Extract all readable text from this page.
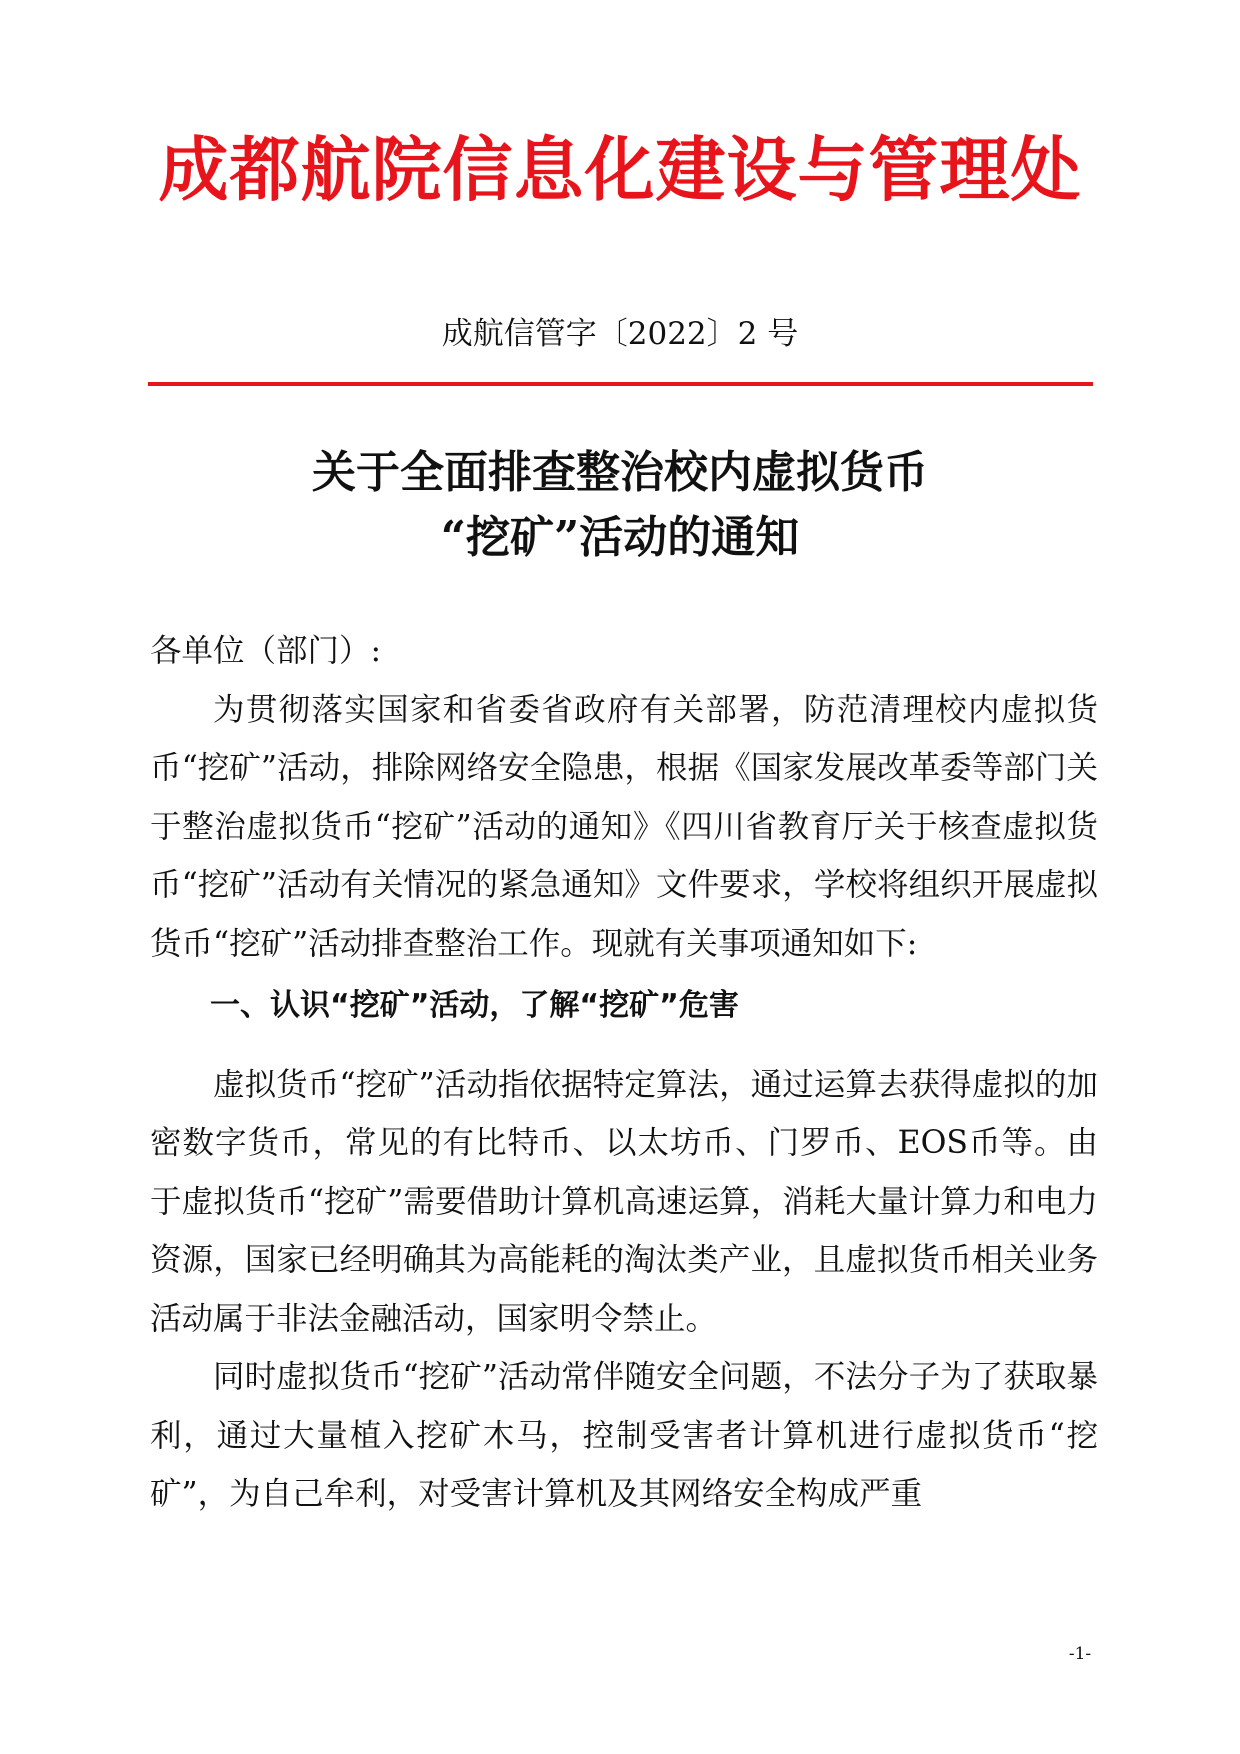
成都航院信息化建设与管理处
成航信管字〔2022〕2 号
关于全面排查整治校内虚拟货币
“挖矿”活动的通知

各单位（部门）:

为贯彻落实国家和省委省政府有关部署，防范清理校内虚拟货币“挖矿”活动，排除网络安全隐患，根据《国家发展改革委等部门关于整治虚拟货币“挖矿”活动的通知》《四川省教育厅关于核查虚拟货币“挖矿”活动有关情况的紧急通知》文件要求，学校将组织开展虚拟货币“挖矿”活动排查整治工作。现就有关事项通知如下:

一、认识“挖矿”活动，了解“挖矿”危害

虚拟货币“挖矿”活动指依据特定算法，通过运算去获得虚拟的加密数字货币，常见的有比特币、以太坊币、门罗币、EOS币等。由于虚拟货币“挖矿”需要借助计算机高速运算，消耗大量计算力和电力资源，国家已经明确其为高能耗的淘汰类产业，且虚拟货币相关业务活动属于非法金融活动，国家明令禁止。

同时虚拟货币“挖矿”活动常伴随安全问题，不法分子为了获取暴利，通过大量植入挖矿木马，控制受害者计算机进行虚拟货币“挖矿”，为自己牟利，对受害计算机及其网络安全构成严重

-1-
